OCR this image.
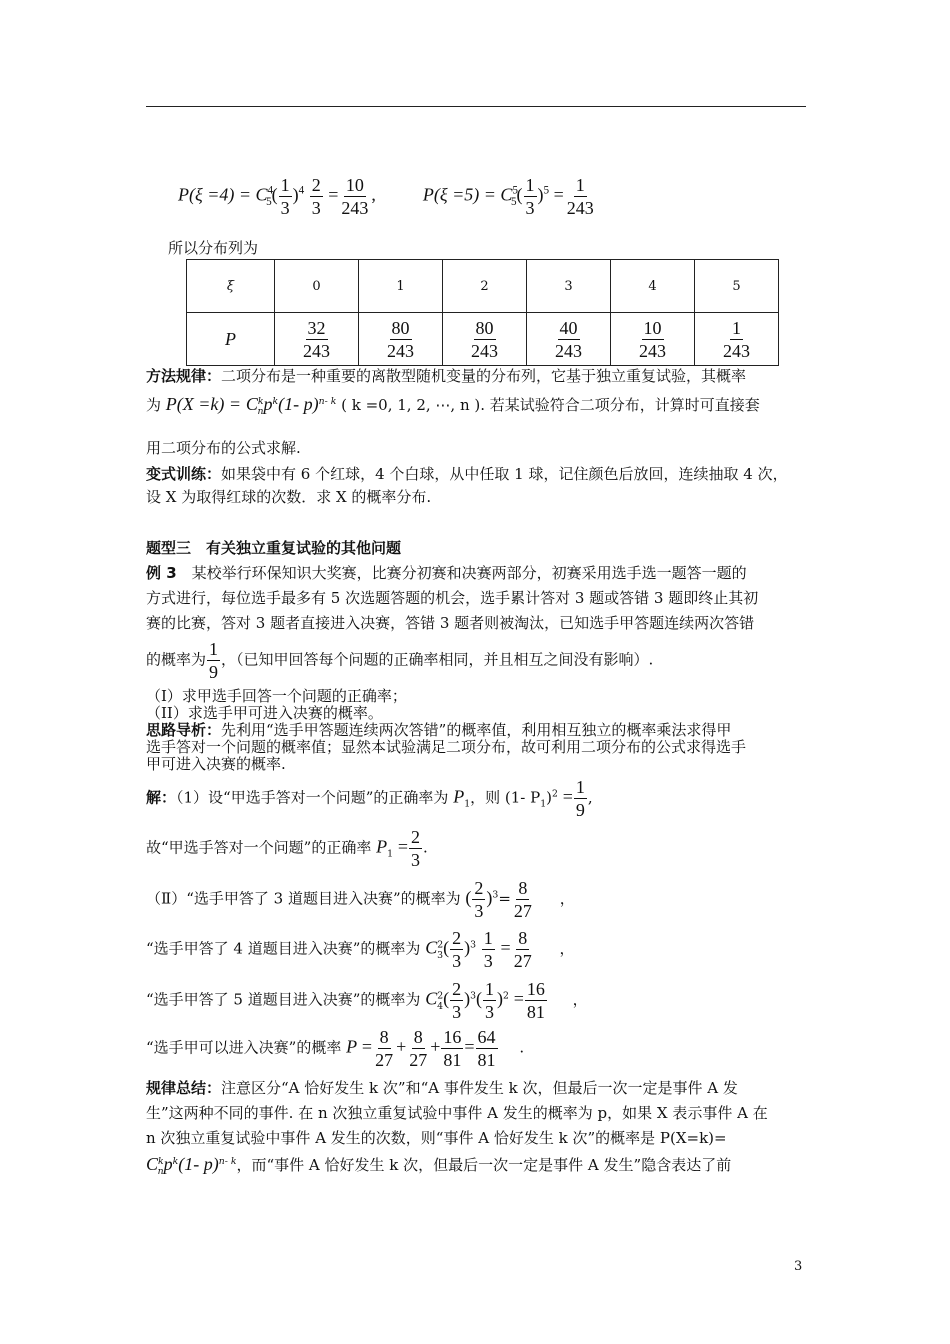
$P(\xi =4) = C^4_5( \frac{1}{3} )^4 \frac{2}{3} = \frac{10}{243}$ ,	$P(\xi =5) = C^5_5( \frac{1}{3} )^5 = \frac{1}{243}$
所以分布列为
ξ	0	1	2	3	4	5
P	$\frac{32}{243}$	$\frac{80}{243}$	$\frac{80}{243}$	$\frac{40}{243}$	$\frac{10}{243}$	$\frac{1}{243}$
方法规律：二项分布是一种重要的离散型随机变量的分布列，它基于独立重复试验，其概率
为 $P(X =k) = C^k_np^k(1-$ p)$^{n- k}$ ( k =0, 1, 2, ⋯, n ). 若某试验符合二项分布，计算时可直接套
用二项分布的公式求解.
变式训练：如果袋中有 6 个红球，4 个白球，从中任取 1 球，记住颜色后放回，连续抽取 4 次，
设 X 为取得红球的次数．求 X 的概率分布.
题型三　有关独立重复试验的其他问题
例 3　某校举行环保知识大奖赛，比赛分初赛和决赛两部分，初赛采用选手选一题答一题的
方式进行，每位选手最多有 5 次选题答题的机会，选手累计答对 3 题或答错 3 题即终止其初
赛的比赛，答对 3 题者直接进入决赛，答错 3 题者则被淘汰，已知选手甲答题连续两次答错
的概率为 $\frac{1}{9}$ ，（已知甲回答每个问题的正确率相同，并且相互之间没有影响）.
（I）求甲选手回答一个问题的正确率；
（II）求选手甲可进入决赛的概率。
思路导析：先利用“选手甲答题连续两次答错”的概率值，利用相互独立的概率乘法求得甲
选手答对一个问题的概率值；显然本试验满足二项分布，故可利用二项分布的公式求得选手
甲可进入决赛的概率.
解：（1）设“甲选手答对一个问题”的正确率为 $P_1$，则 (1- $P_1)^2 = \frac{1}{9}$ ,
故“甲选手答对一个问题”的正确率 $P_1 = \frac{2}{3}$ .
（Ⅱ）“选手甲答了 3 道题目进入决赛”的概率为 ( $\frac{2}{3} )^3= \frac{8}{27}$ ，
“选手甲答了 4 道题目进入决赛”的概率为 $C^2_3( \frac{2}{3} )^3 \frac{1}{3} = \frac{8}{27}$ ，
“选手甲答了 5 道题目进入决赛”的概率为 $C^2_4( \frac{2}{3} )^3( \frac{1}{3} )^2 = \frac{16}{81}$ ，
“选手甲可以进入决赛”的概率 $P = \frac{8}{27} + \frac{8}{27} + \frac{16}{81} = \frac{64}{81}$ .
规律总结：注意区分“A 恰好发生 k 次”和“A 事件发生 k 次，但最后一次一定是事件 A 发
生”这两种不同的事件. 在 n 次独立重复试验中事件 A 发生的概率为 p，如果 X 表示事件 A 在
n 次独立重复试验中事件 A 发生的次数，则“事件 A 恰好发生 k 次”的概率是 P(X=k)=
$C^k_np^k(1-$ p)$^{n- k}$，而“事件 A 恰好发生 k 次，但最后一次一定是事件 A 发生”隐含表达了前
3
